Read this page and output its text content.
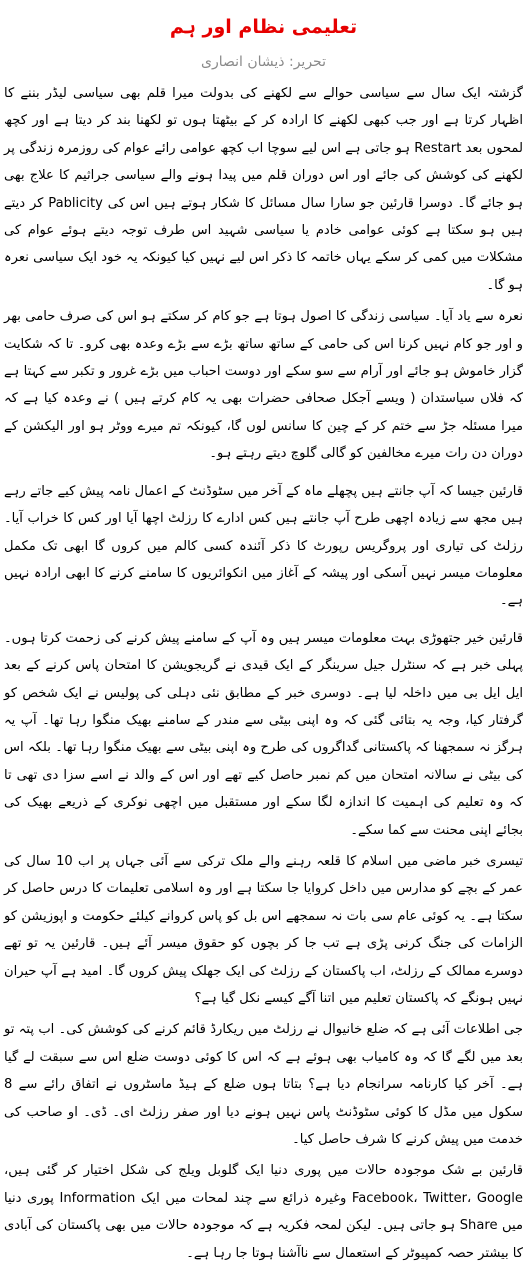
تعلیمی نظام اور ہم
تحریر: ذیشان انصاری

گزشتہ ایک سال سے سیاسی حوالے سے لکھنے کی بدولت میرا قلم بھی سیاسی لیڈر بننے کا اظہار کرتا ہے اور جب کبھی لکھنے کا ارادہ کر کے بیٹھتا ہوں تو لکھنا بند کر دیتا ہے اور کچھ لمحوں بعد Restart ہو جاتی ہے اس لیے سوچا اب کچھ عوامی رائے عوام کی روزمرہ زندگی پر لکھنے کی کوشش کی جائے اور اس دوران قلم میں پیدا ہونے والے سیاسی جراثیم کا علاج بھی ہو جائے گا۔ دوسرا قارئین جو سارا سال مسائل کا شکار ہوتے ہیں اس کی Pablicity کر دیتے ہیں ہو سکتا ہے کوئی عوامی خادم یا سیاسی شہید اس طرف توجہ دیتے ہوئے عوام کی مشکلات میں کمی کر سکے یہاں خاتمہ کا ذکر اس لیے نہیں کیا کیونکہ یہ خود ایک سیاسی نعرہ ہو گا۔

نعرہ سے یاد آیا۔ سیاسی زندگی کا اصول ہوتا ہے جو کام کر سکتے ہو اس کی صرف حامی بھر و اور جو کام نہیں کرنا اس کی حامی کے ساتھ ساتھ بڑے سے بڑے وعدہ بھی کرو۔ تا کہ شکایت گزار خاموش ہو جائے اور آرام سے سو سکے اور دوست احباب میں بڑے غرور و تکبر سے کہتا ہے کہ فلاں سیاستدان ( ویسے آجکل صحافی حضرات بھی یہ کام کرتے ہیں ) نے وعدہ کیا ہے کہ میرا مسئلہ جڑ سے ختم کر کے چین کا سانس لوں گا، کیونکہ تم میرے ووٹر ہو اور الیکشن کے دوران دن رات میرے مخالفین کو گالی گلوچ دیتے رہتے ہو۔

قارئین جیسا کہ آپ جانتے ہیں پچھلے ماہ کے آخر میں سٹوڈنٹ کے اعمال نامہ پیش کیے جاتے رہے ہیں مجھ سے زیادہ اچھی طرح آپ جانتے ہیں کس ادارے کا رزلٹ اچھا آیا اور کس کا خراب آیا۔ رزلٹ کی تیاری اور پروگریس رپورٹ کا ذکر آئندہ کسی کالم میں کروں گا ابھی تک مکمل معلومات میسر نہیں آسکی اور پیشہ کے آغاز میں انکوائریوں کا سامنے کرنے کا ابھی ارادہ نہیں ہے۔

قارئین خیر جتھوڑی بہت معلومات میسر ہیں وہ آپ کے سامنے پیش کرنے کی زحمت کرتا ہوں۔ پہلی خبر ہے کہ سنٹرل جیل سرینگر کے ایک قیدی نے گریجویشن کا امتحان پاس کرنے کے بعد ایل ایل بی میں داخلہ لیا ہے۔ دوسری خبر کے مطابق نئی دہلی کی پولیس نے ایک شخص کو گرفتار کیا، وجہ یہ بتائی گئی کہ وہ اپنی بیٹی سے مندر کے سامنے بھیک منگوا رہا تھا۔ آپ یہ ہرگز نہ سمجھنا کہ پاکستانی گداگروں کی طرح وہ اپنی بیٹی سے بھیک منگوا رہا تھا۔ بلکہ اس کی بیٹی نے سالانہ امتحان میں کم نمبر حاصل کیے تھے اور اس کے والد نے اسے سزا دی تھی تا کہ وہ تعلیم کی اہمیت کا اندازہ لگا سکے اور مستقبل میں اچھی نوکری کے ذریعے بھیک کی بجائے اپنی محنت سے کما سکے۔

تیسری خبر ماضی میں اسلام کا قلعہ رہنے والے ملک ترکی سے آئی جہاں پر اب 10 سال کی عمر کے بچے کو مدارس میں داخل کروایا جا سکتا ہے اور وہ اسلامی تعلیمات کا درس حاصل کر سکتا ہے۔ یہ کوئی عام سی بات نہ سمجھے اس بل کو پاس کروانے کیلئے حکومت و اپوزیشن کو الزامات کی جنگ کرنی پڑی ہے تب جا کر بچوں کو حقوق میسر آئے ہیں۔ قارئین یہ تو تھے دوسرے ممالک کے رزلٹ، اب پاکستان کے رزلٹ کی ایک جھلک پیش کروں گا۔ امید ہے آپ حیران نہیں ہونگے کہ پاکستان تعلیم میں اتنا آگے کیسے نکل گیا ہے؟

جی اطلاعات آئی ہے کہ ضلع خانیوال نے رزلٹ میں ریکارڈ قائم کرنے کی کوشش کی۔ اب پتہ تو بعد میں لگے گا کہ وہ کامیاب بھی ہوئے ہے کہ اس کا کوئی دوست ضلع اس سے سبقت لے گیا ہے۔ آخر کیا کارنامہ سرانجام دیا ہے؟ بتاتا ہوں ضلع کے ہیڈ ماسٹروں نے اتفاق رائے سے 8 سکول میں مڈل کا کوئی سٹوڈنٹ پاس نہیں ہونے دیا اور صفر رزلٹ ای۔ ڈی۔ او صاحب کی خدمت میں پیش کرنے کا شرف حاصل کیا۔

قارئین بے شک موجودہ حالات میں پوری دنیا ایک گلوبل ویلج کی شکل اختیار کر گئی ہیں، Facebook، Twitter، Google وغیرہ ذرائع سے چند لمحات میں ایک Information پوری دنیا میں Share ہو جاتی ہیں۔ لیکن لمحہ فکریہ ہے کہ موجودہ حالات میں بھی پاکستان کی آبادی کا بیشتر حصہ کمپیوٹر کے استعمال سے ناآشنا ہوتا جا رہا ہے۔
